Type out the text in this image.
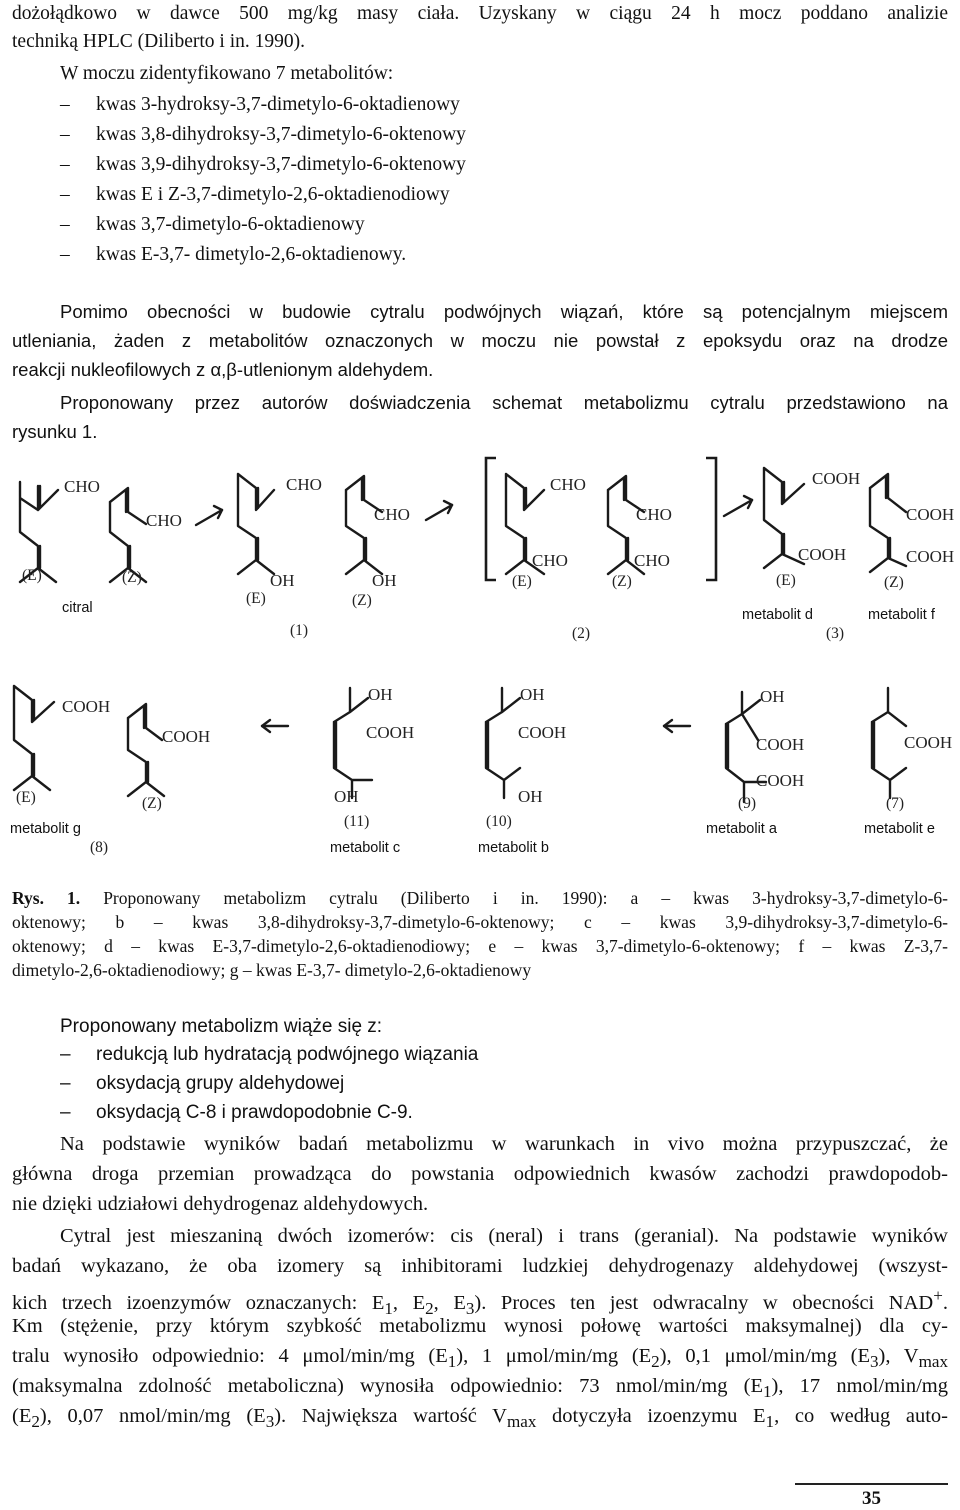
dożołądkowo w dawce 500 mg/kg masy ciała. Uzyskany w ciągu 24 h mocz poddano analizie
techniką HPLC (Diliberto i in. 1990).
W moczu zidentyfikowano 7 metabolitów:
– kwas 3-hydroksy-3,7-dimetylo-6-oktadienowy
– kwas 3,8-dihydroksy-3,7-dimetylo-6-oktenowy
– kwas 3,9-dihydroksy-3,7-dimetylo-6-oktenowy
– kwas E i Z-3,7-dimetylo-2,6-oktadienodiowy
– kwas 3,7-dimetylo-6-oktadienowy
– kwas E-3,7- dimetylo-2,6-oktadienowy.
Pomimo obecności w budowie cytralu podwójnych wiązań, które są potencjalnym miejscem
utleniania, żaden z metabolitów oznaczonych w moczu nie powstał z epoksydu oraz na drodze
reakcji nukleofilowych z α,β-utlenionym aldehydem.
Proponowany przez autorów doświadczenia schemat metabolizmu cytralu przedstawiono na
rysunku 1.
CHO
(E)
CHO
(Z)
citral
CHO
OH
(E)
CHO
OH
(Z)
(1)
CHO
CHO
(E)
CHO
CHO
(Z)
(2)
COOH
COOH
(E)
COOH
COOH
(Z)
metabolit d	metabolit f
(3)
COOH
(E)
COOH
(Z)
metabolit g
(8)
OH
COOH
OH
(11)
metabolit c
OH
COOH
OH
(10)
metabolit b
OH
COOH
COOH
(9)
metabolit a
COOH
(7)
metabolit e
Rys. 1. Proponowany metabolizm cytralu (Diliberto i in. 1990): a – kwas 3-hydroksy-3,7-dimetylo-6-
oktenowy; b – kwas 3,8-dihydroksy-3,7-dimetylo-6-oktenowy; c – kwas 3,9-dihydroksy-3,7-dimetylo-6-
oktenowy; d – kwas E-3,7-dimetylo-2,6-oktadienodiowy; e – kwas 3,7-dimetylo-6-oktenowy; f – kwas Z-3,7-
dimetylo-2,6-oktadienodiowy; g – kwas E-3,7- dimetylo-2,6-oktadienowy
Proponowany metabolizm wiąże się z:
– redukcją lub hydratacją podwójnego wiązania
– oksydacją grupy aldehydowej
– oksydacją C-8 i prawdopodobnie C-9.
Na podstawie wyników badań metabolizmu w warunkach in vivo można przypuszczać, że
główna droga przemian prowadząca do powstania odpowiednich kwasów zachodzi prawdopodob-
nie dzięki udziałowi dehydrogenaz aldehydowych.
Cytral jest mieszaniną dwóch izomerów: cis (neral) i trans (geranial). Na podstawie wyników
badań wykazano, że oba izomery są inhibitorami ludzkiej dehydrogenazy aldehydowej (wszyst-
kich trzech izoenzymów oznaczanych: $E_1$, $E_2$, $E_3$). Proces ten jest odwracalny w obecności NAD+.
Km (stężenie, przy którym szybkość metabolizmu wynosi połowę wartości maksymalnej) dla cy-
tralu wynosiło odpowiednio: 4 μmol/min/mg $(E_1)$, 1 μmol/min/mg $(E_2)$, 0,1 μmol/min/mg $(E_3)$, $V_{max}$
(maksymalna zdolność metaboliczna) wynosiła odpowiednio: 73 nmol/min/mg $(E_1)$, 17 nmol/min/mg
$(E_2)$, 0,07 nmol/min/mg $(E_3)$. Największa wartość $V_{max}$ dotyczyła izoenzymu $E_1$, co według auto-
35
